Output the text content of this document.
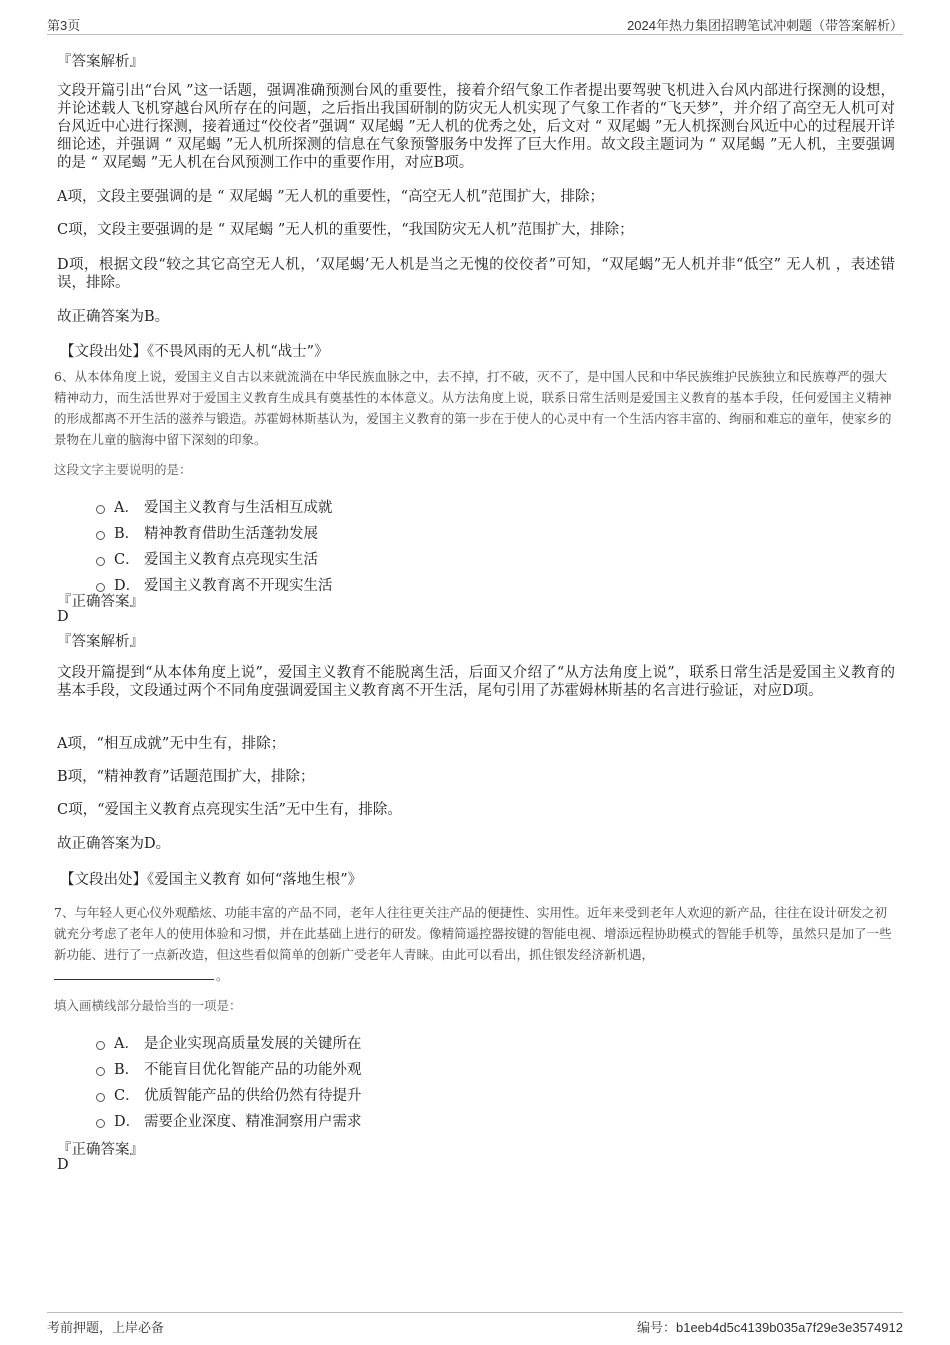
第3页	2024年热力集团招聘笔试冲刺题（带答案解析）
『答案解析』

文段开篇引出“台风 ”这一话题，强调准确预测台风的重要性，接着介绍气象工作者提出要驾驶飞机进入台风内部进行探测的设想，并论述载人飞机穿越台风所存在的问题，之后指出我国研制的防灾无人机实现了气象工作者的“飞天梦”，并介绍了高空无人机可对台风近中心进行探测，接着通过“佼佼者”强调“ 双尾蝎 ”无人机的优秀之处，后文对 “ 双尾蝎 ”无人机探测台风近中心的过程展开详细论述，并强调 “ 双尾蝎 ”无人机所探测的信息在气象预警服务中发挥了巨大作用。故文段主题词为 “ 双尾蝎 ”无人机，主要强调的是 “ 双尾蝎 ”无人机在台风预测工作中的重要作用，对应B项。

A项，文段主要强调的是 “ 双尾蝎 ”无人机的重要性，“高空无人机”范围扩大，排除；

C项，文段主要强调的是 “ 双尾蝎 ”无人机的重要性，“我国防灾无人机”范围扩大，排除；

D项，根据文段“较之其它高空无人机，‘双尾蝎’无人机是当之无愧的佼佼者”可知，“双尾蝎”无人机并非“低空” 无人机 ，表述错误，排除。

故正确答案为B。

【文段出处】《不畏风雨的无人机“战士”》

6、从本体角度上说，爱国主义自古以来就流淌在中华民族血脉之中，去不掉，打不破，灭不了，是中国人民和中华民族维护民族独立和民族尊严的强大精神动力，而生活世界对于爱国主义教育生成具有奠基性的本体意义。从方法角度上说，联系日常生活则是爱国主义教育的基本手段，任何爱国主义精神的形成都离不开生活的滋养与锻造。苏霍姆林斯基认为，爱国主义教育的第一步在于使人的心灵中有一个生活内容丰富的、绚丽和难忘的童年，使家乡的景物在儿童的脑海中留下深刻的印象。

这段文字主要说明的是：

A． 爱国主义教育与生活相互成就
B． 精神教育借助生活蓬勃发展
C． 爱国主义教育点亮现实生活
D． 爱国主义教育离不开现实生活
『正确答案』
D
『答案解析』

文段开篇提到“从本体角度上说”，爱国主义教育不能脱离生活，后面又介绍了“从方法角度上说”，联系日常生活是爱国主义教育的基本手段，文段通过两个不同角度强调爱国主义教育离不开生活，尾句引用了苏霍姆林斯基的名言进行验证，对应D项。

A项，“相互成就”无中生有，排除；

B项，“精神教育”话题范围扩大，排除；

C项，“爱国主义教育点亮现实生活”无中生有，排除。

故正确答案为D。

【文段出处】《爱国主义教育 如何“落地生根”》

7、与年轻人更心仪外观酷炫、功能丰富的产品不同，老年人往往更关注产品的便捷性、实用性。近年来受到老年人欢迎的新产品，往往在设计研发之初就充分考虑了老年人的使用体验和习惯，并在此基础上进行的研发。像精简遥控器按键的智能电视、增添远程协助模式的智能手机等，虽然只是加了一些新功能、进行了一点新改造，但这些看似简单的创新广受老年人青睐。由此可以看出，抓住银发经济新机遇，
。

填入画横线部分最恰当的一项是：

A． 是企业实现高质量发展的关键所在
B． 不能盲目优化智能产品的功能外观
C． 优质智能产品的供给仍然有待提升
D． 需要企业深度、精准洞察用户需求
『正确答案』
D
考前押题，上岸必备	编号：b1eeb4d5c4139b035a7f29e3e3574912
